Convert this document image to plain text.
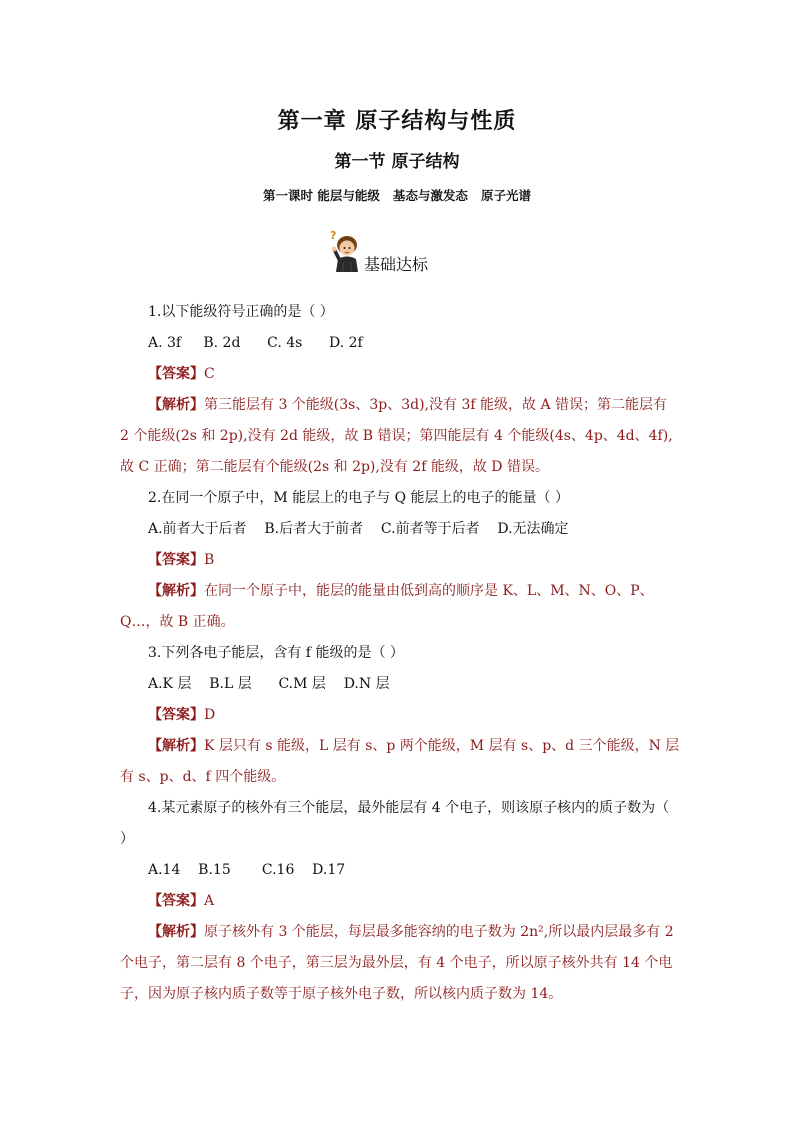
第一章 原子结构与性质
第一节 原子结构
第一课时 能层与能级   基态与激发态   原子光谱
?
基础达标

1.以下能级符号正确的是（ ）

A. 3f     B. 2d      C. 4s      D. 2f

【答案】C

【解析】第三能层有 3 个能级(3s、3p、3d),没有 3f 能级，故 A 错误；第二能层有 2 个能级(2s 和 2p),没有 2d 能级，故 B 错误；第四能层有 4 个能级(4s、4p、4d、4f),故 C 正确；第二能层有个能级(2s 和 2p),没有 2f 能级，故 D 错误。

2.在同一个原子中，M 能层上的电子与 Q 能层上的电子的能量（ ）

A.前者大于后者    B.后者大于前者    C.前者等于后者    D.无法确定

【答案】B

【解析】在同一个原子中，能层的能量由低到高的顺序是 K、L、M、N、O、P、Q…，故 B 正确。

3.下列各电子能层，含有 f 能级的是（ ）

A.K 层    B.L 层      C.M 层    D.N 层

【答案】D

【解析】K 层只有 s 能级，L 层有 s、p 两个能级，M 层有 s、p、d 三个能级，N 层有 s、p、d、f 四个能级。

4.某元素原子的核外有三个能层，最外能层有 4 个电子，则该原子核内的质子数为（ ）

A.14    B.15       C.16    D.17

【答案】A

【解析】原子核外有 3 个能层，每层最多能容纳的电子数为 2n²,所以最内层最多有 2 个电子，第二层有 8 个电子，第三层为最外层，有 4 个电子，所以原子核外共有 14 个电子，因为原子核内质子数等于原子核外电子数，所以核内质子数为 14。
